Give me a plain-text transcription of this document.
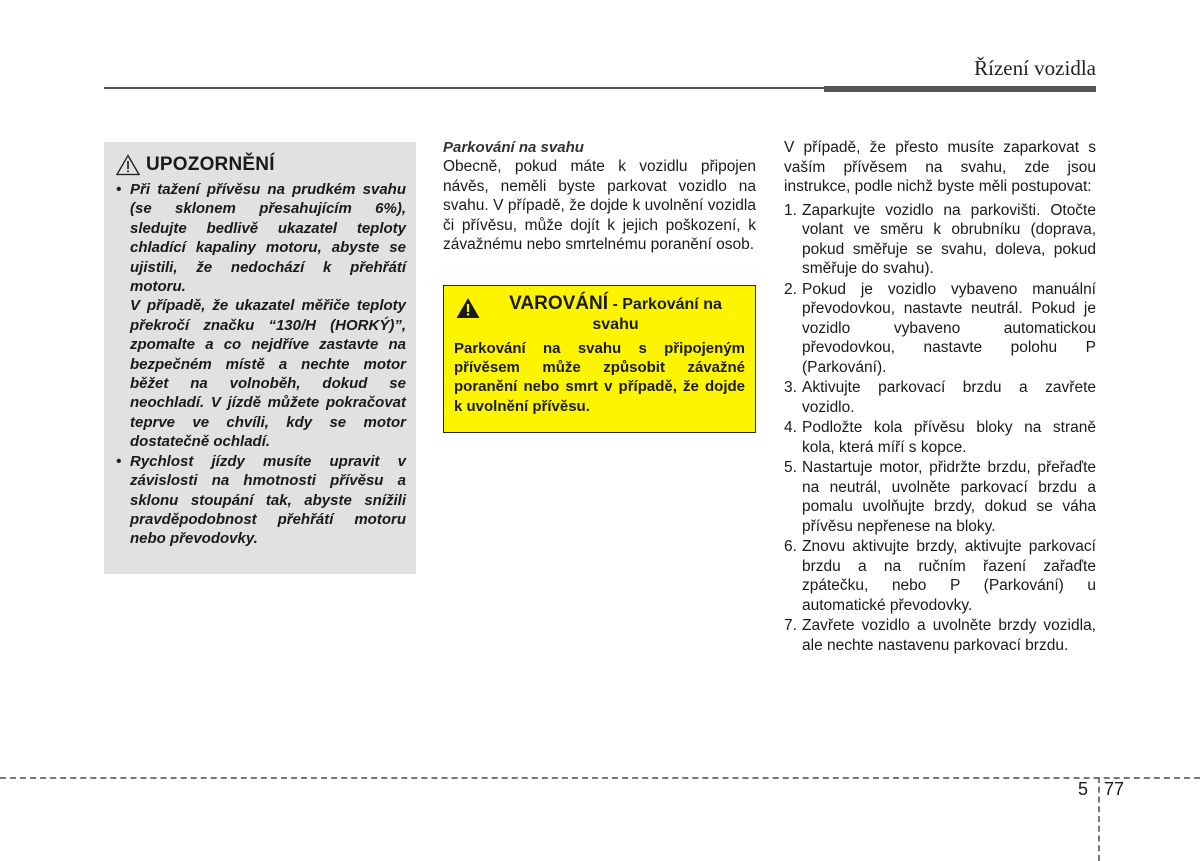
Řízení vozidla
UPOZORNĚNÍ
• Při tažení přívěsu na prudkém svahu (se sklonem přesahujícím 6%), sledujte bedlivě ukazatel teploty chladící kapaliny motoru, abyste se ujistili, že nedochází k přehřátí motoru.

V případě, že ukazatel měřiče teploty překročí značku “130/H (HORKÝ)”, zpomalte a co nejdříve zastavte na bezpečném místě a nechte motor běžet na volnoběh, dokud se neochladí. V jízdě můžete pokračovat teprve ve chvíli, kdy se motor dostatečně ochladí.

• Rychlost jízdy musíte upravit v závislosti na hmotnosti přívěsu a sklonu stoupání tak, abyste snížili pravděpodobnost přehřátí motoru nebo převodovky.

Parkování na svahu

Obecně, pokud máte k vozidlu připojen návěs, neměli byste parkovat vozidlo na svahu. V případě, že dojde k uvolnění vozidla či přívěsu, může dojít k jejich poškození, k závažnému nebo smrtelnému poranění osob.

VAROVÁNÍ - Parkování na svahu

Parkování na svahu s připojeným přívěsem může způsobit závažné poranění nebo smrt v případě, že dojde k uvolnění přívěsu.

V případě, že přesto musíte zaparkovat s vaším přívěsem na svahu, zde jsou instrukce, podle nichž byste měli postupovat:

1. Zaparkujte vozidlo na parkovišti. Otočte volant ve směru k obrubníku (doprava, pokud směřuje se svahu, doleva, pokud směřuje do svahu).
2. Pokud je vozidlo vybaveno manuální převodovkou, nastavte neutrál. Pokud je vozidlo vybaveno automatickou převodovkou, nastavte polohu P (Parkování).
3. Aktivujte parkovací brzdu a zavřete vozidlo.
4. Podložte kola přívěsu bloky na straně kola, která míří s kopce.
5. Nastartuje motor, přidržte brzdu, přeřaďte na neutrál, uvolněte parkovací brzdu a pomalu uvolňujte brzdy, dokud se váha přívěsu nepřenese na bloky.
6. Znovu aktivujte brzdy, aktivujte parkovací brzdu a na ručním řazení zařaďte zpátečku, nebo P (Parkování) u automatické převodovky.
7. Zavřete vozidlo a uvolněte brzdy vozidla, ale nechte nastavenu parkovací brzdu.
5 77
